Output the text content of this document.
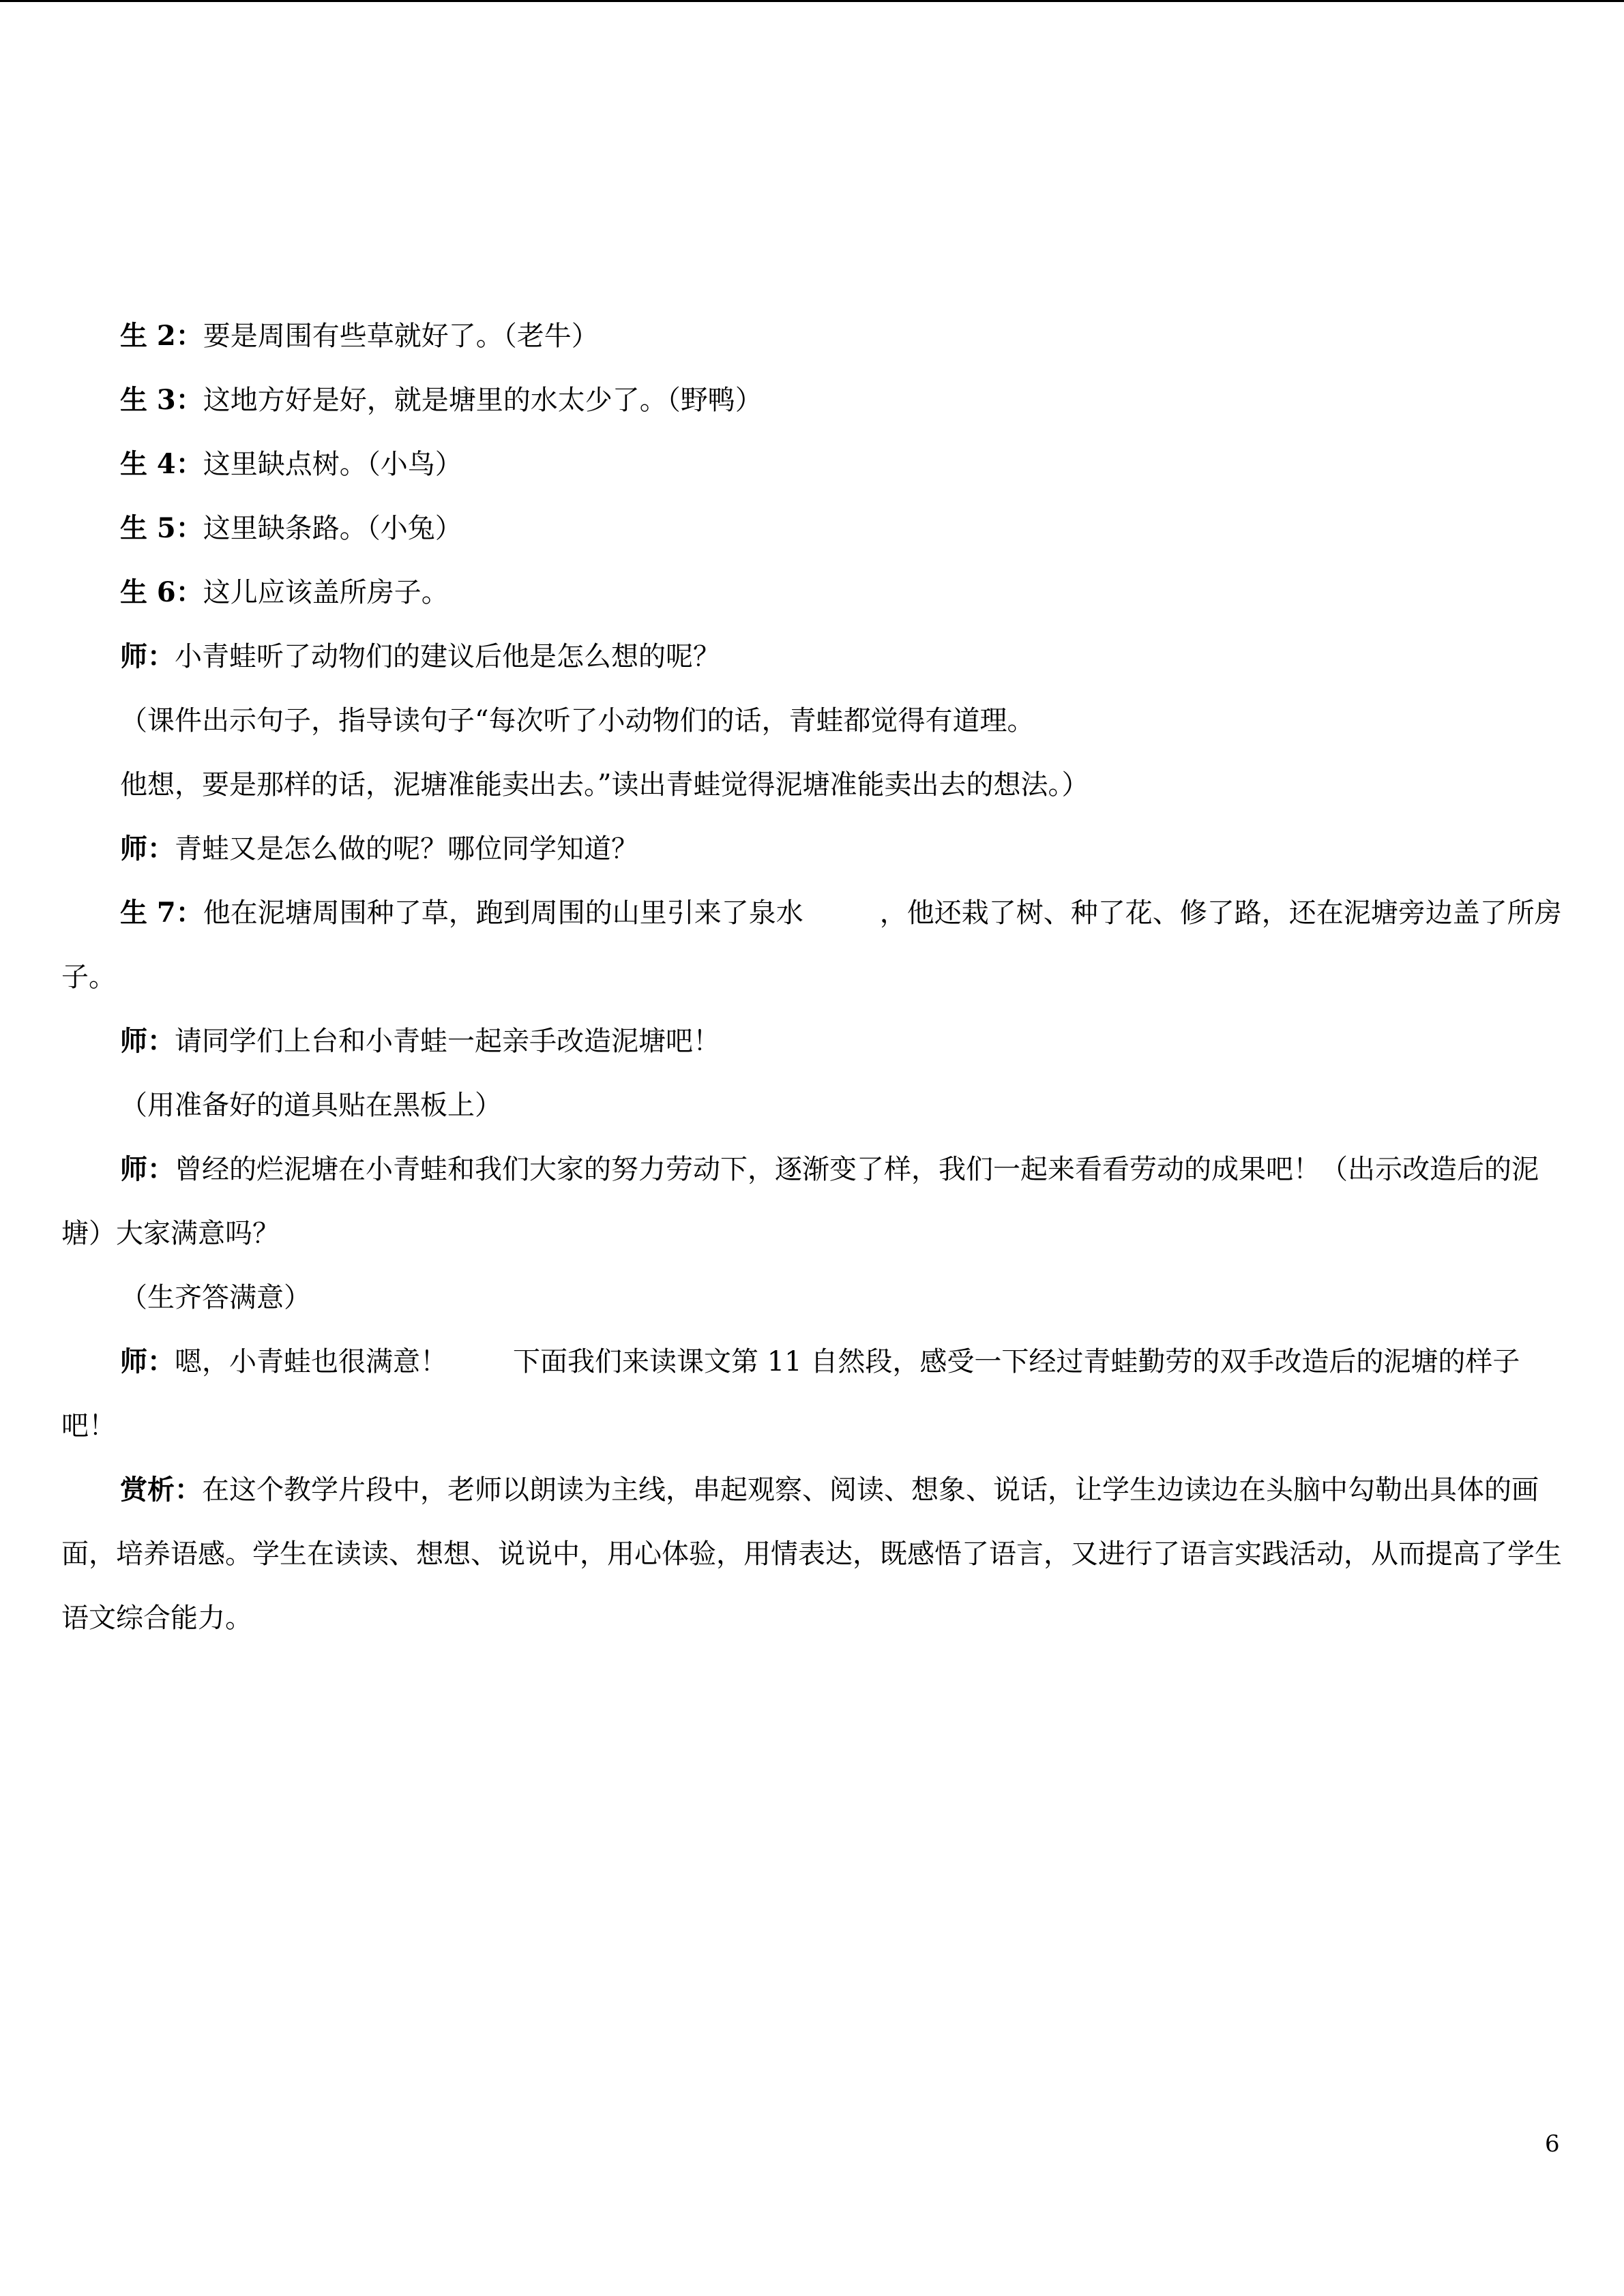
生 2：要是周围有些草就好了。（老牛）

生 3：这地方好是好，就是塘里的水太少了。（野鸭）

生 4：这里缺点树。（小鸟）

生 5：这里缺条路。（小兔）

生 6：这儿应该盖所房子。

师：小青蛙听了动物们的建议后他是怎么想的呢？

（课件出示句子，指导读句子“每次听了小动物们的话，青蛙都觉得有道理。

他想，要是那样的话，泥塘准能卖出去。”读出青蛙觉得泥塘准能卖出去的想法。）

师：青蛙又是怎么做的呢？哪位同学知道？

生 7：他在泥塘周围种了草，跑到周围的山里引来了泉水	，他还栽了树、种了花、修了路，还在泥塘旁边盖了所房子。

师：请同学们上台和小青蛙一起亲手改造泥塘吧！

（用准备好的道具贴在黑板上）

师：曾经的烂泥塘在小青蛙和我们大家的努力劳动下，逐渐变了样，我们一起来看看劳动的成果吧！（出示改造后的泥塘）大家满意吗？

（生齐答满意）

师：嗯，小青蛙也很满意！ 下面我们来读课文第 11 自然段，感受一下经过青蛙勤劳的双手改造后的泥塘的样子吧！

赏析：在这个教学片段中，老师以朗读为主线，串起观察、阅读、想象、说话，让学生边读边在头脑中勾勒出具体的画面，培养语感。学生在读读、想想、说说中，用心体验，用情表达，既感悟了语言，又进行了语言实践活动，从而提高了学生语文综合能力。

6
